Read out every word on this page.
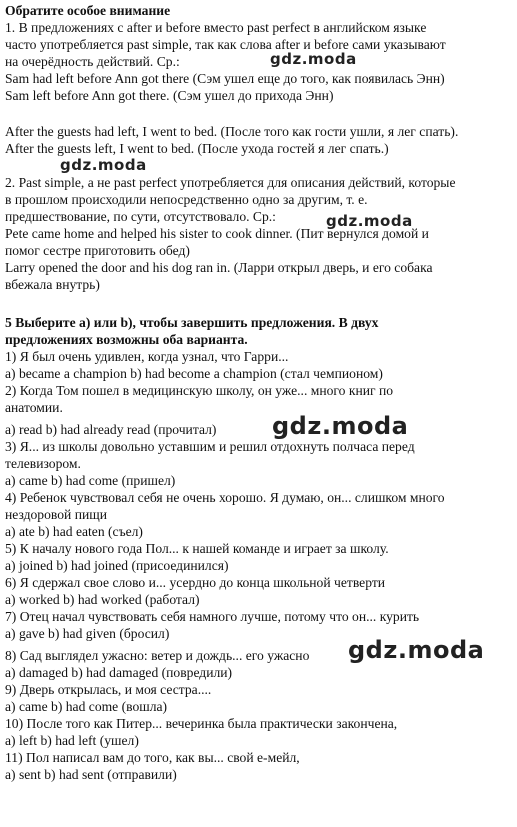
Обратите особое внимание
1. В предложениях с after и before вместо past perfect в английском языке
часто употребляется past simple, так как слова after и before сами указывают
на очерёдность действий. Ср.:
Sam had left before Ann got there (Сэм ушел еще до того, как появилась Энн)
Sam left before Ann got there. (Сэм ушел до прихода Энн)
After the guests had left, I went to bed. (После того как гости ушли, я лег спать).
After the guests left, I went to bed. (После ухода гостей я лег спать.)
2. Past simple, а не past perfect употребляется для описания действий, которые
в прошлом происходили непосредственно одно за другим, т. е.
предшествование, по сути, отсутствовало. Ср.:
Pete came home and helped his sister to cook dinner. (Пит вернулся домой и
помог сестре приготовить обед)
Larry opened the door and his dog ran in. (Ларри открыл дверь, и его собака
вбежала внутрь)
5 Выберите a) или b), чтобы завершить предложения. В двух
предложениях возможны оба варианта.
1) Я был очень удивлен, когда узнал, что Гарри...
a) became a champion b) had become a champion (стал чемпионом)
2) Когда Том пошел в медицинскую школу, он уже... много книг по
анатомии.
a) read b) had already read (прочитал)
3) Я... из школы довольно уставшим и решил отдохнуть полчаса перед
телевизором.
a) came b) had come (пришел)
4) Ребенок чувствовал себя не очень хорошо. Я думаю, он... слишком много
нездоровой пищи
a) ate b) had eaten (съел)
5) К началу нового года Пол... к нашей команде и играет за школу.
a) joined b) had joined (присоединился)
6) Я сдержал свое слово и... усердно до конца школьной четверти
a) worked b) had worked (работал)
7) Отец начал чувствовать себя намного лучше, потому что он... курить
a) gave b) had given (бросил)
8) Сад выглядел ужасно: ветер и дождь... его ужасно
a) damaged b) had damaged (повредили)
9) Дверь открылась, и моя сестра....
a) came b) had come (вошла)
10) После того как Питер... вечеринка была практически закончена,
a) left b) had left (ушел)
11) Пол написал вам до того, как вы... свой е-мейл,
a) sent b) had sent (отправили)
gdz.moda
gdz.moda
gdz.moda
gdz.moda
gdz.moda
